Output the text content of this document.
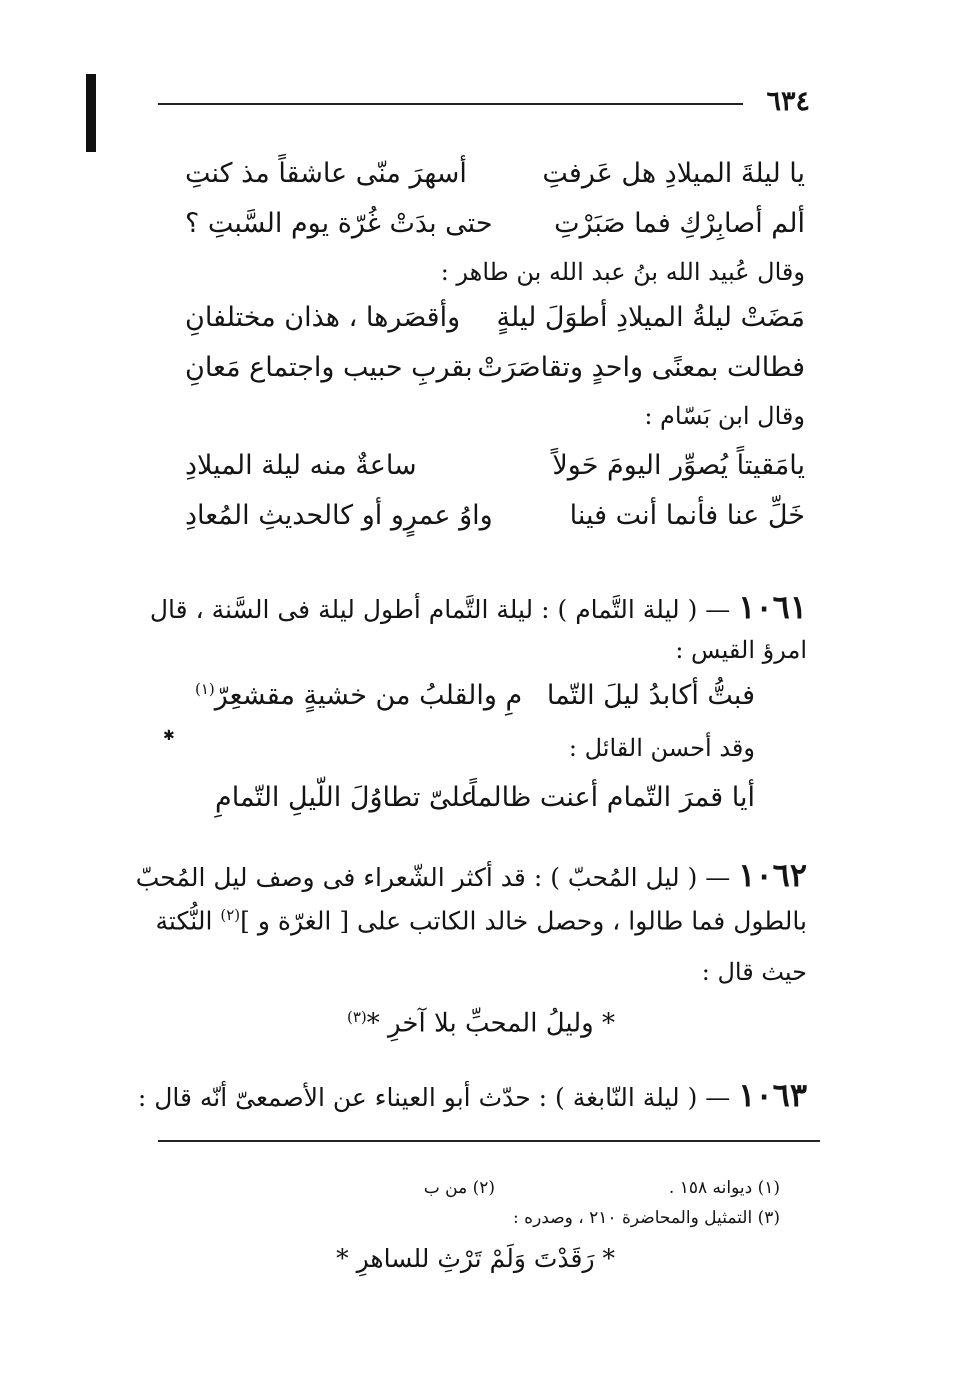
٦٣٤
يا ليلةَ الميلادِ هل عَرفتِ
أسهرَ منّى عاشقاً مذ كنتِ
ألم أصابِرْكِ فما صَبَرْتِ
حتى بدَتْ غُرّة يوم السَّبتِ ؟
وقال عُبيد الله بنُ عبد الله بن طاهر :
مَضَتْ ليلةُ الميلادِ أطوَلَ ليلةٍ
وأقصَرها ، هذان مختلفانِ
فطالت بمعنًى واحدٍ وتقاصَرَتْ
بقربِ حبيب واجتماع مَعانِ
وقال ابن بَسّام :
يامَقيتاً يُصوِّر اليومَ حَولاً
ساعةٌ منه ليلة الميلادِ
خَلِّ عنا فأنما أنت فينا
واوُ عمرٍو أو كالحديثِ المُعادِ
١٠٦١ — ( ليلة التَّمام ) : ليلة التَّمام أطول ليلة فى السَّنة ، قال
امرؤ القيس :
فبتُّ أكابدُ ليلَ التّما
مِ والقلبُ من خشيةٍ مقشعِرّ$^{(١)}$
✱	وقد أحسن القائل :
أيا قمرَ التّمام أعنت ظالماً
علىّ تطاوُلَ اللّيلِ التّمامِ
١٠٦٢ — ( ليل المُحبّ ) : قد أكثر الشّعراء فى وصف ليل المُحبّ
بالطول فما طالوا ، وحصل خالد الكاتب على [ الغرّة و ]$^{(٢)}$ النُّكتة
حيث قال :
* وليلُ المحبِّ بلا آخرِ *$^{(٣)}$
١٠٦٣ — ( ليلة النّابغة ) : حدّث أبو العيناء عن الأصمعىّ أنّه قال :
(١) ديوانه ١٥٨ .
(٢) من ب
(٣) التمثيل والمحاضرة ٢١٠ ، وصدره :
* رَقَدْتَ وَلَمْ تَرْثِ للساهرِ *
